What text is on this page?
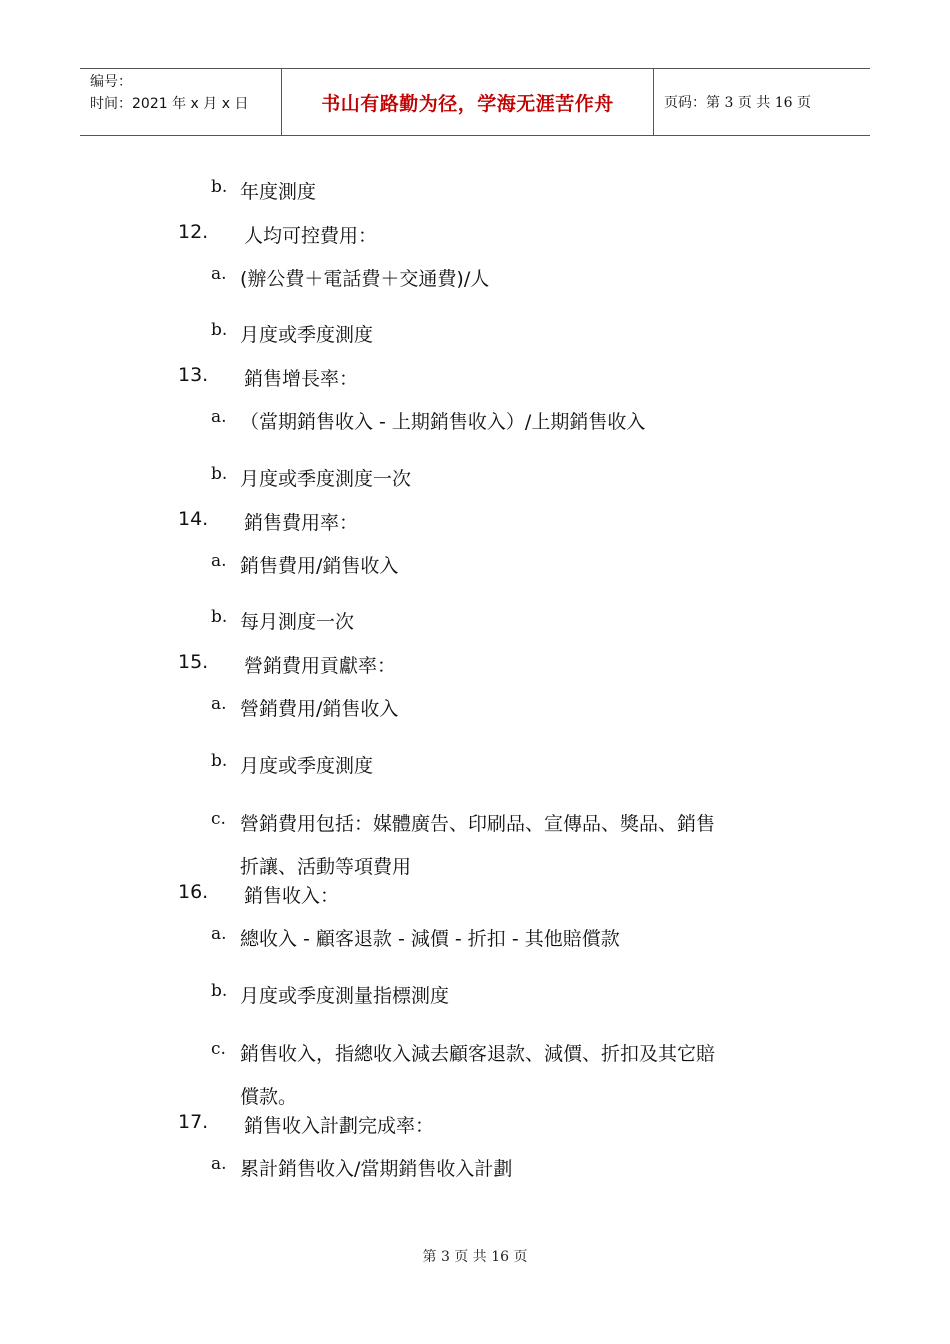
编号：
时间：2021 年 x 月 x 日	书山有路勤为径，学海无涯苦作舟	页码：第 3 页 共 16 页
b. 年度測度
12. 人均可控費用：
a. (辦公費＋電話費＋交通費)/人
b. 月度或季度測度
13. 銷售增長率：
a. （當期銷售收入 - 上期銷售收入）/上期銷售收入
b. 月度或季度測度一次
14. 銷售費用率：
a. 銷售費用/銷售收入
b. 每月測度一次
15. 營銷費用貢獻率：
a. 營銷費用/銷售收入
b. 月度或季度測度
c. 營銷費用包括：媒體廣告、印刷品、宣傳品、獎品、銷售
折讓、活動等項費用
16. 銷售收入：
a. 總收入 - 顧客退款 - 減價 - 折扣 - 其他賠償款
b. 月度或季度測量指標測度
c. 銷售收入，指總收入減去顧客退款、減價、折扣及其它賠
償款。
17. 銷售收入計劃完成率：
a. 累計銷售收入/當期銷售收入計劃
第 3 页 共 16 页
